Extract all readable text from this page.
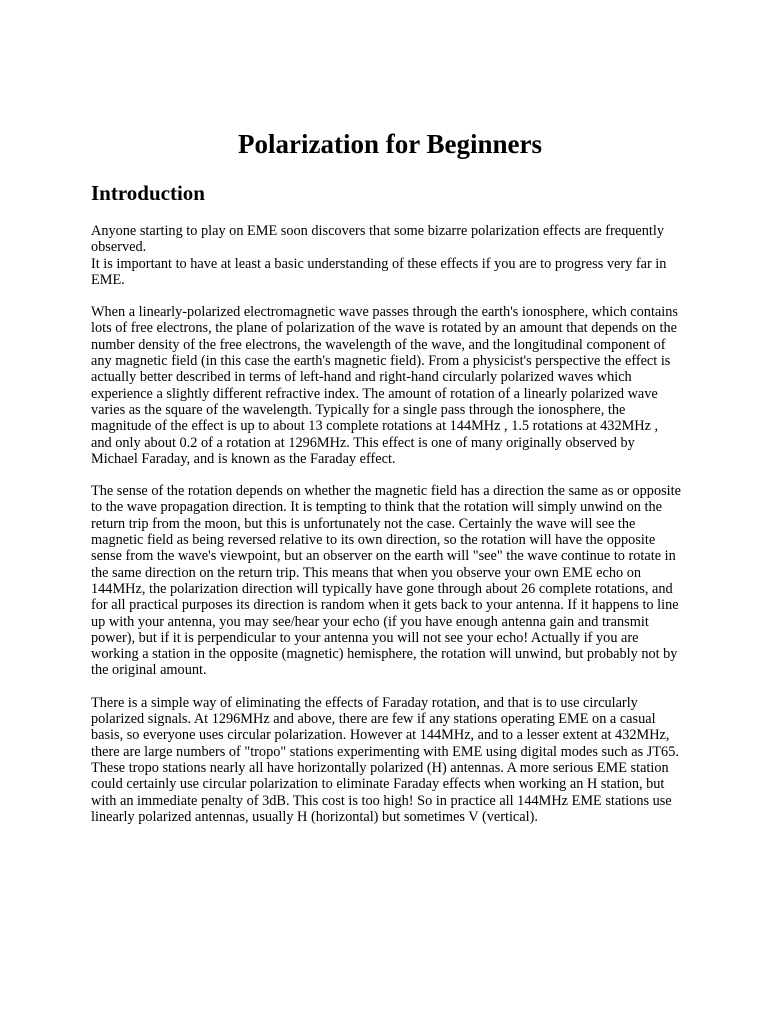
Polarization for Beginners
Introduction

Anyone starting to play on EME soon discovers that some bizarre polarization effects are frequently observed.
It is important to have at least a basic understanding of these effects if you are to progress very far in EME.

When a linearly-polarized electromagnetic wave passes through the earth's ionosphere, which contains lots of free electrons, the plane of polarization of the wave is rotated by an amount that depends on the number density of the free electrons, the wavelength of the wave, and the longitudinal component of any magnetic field (in this case the earth's magnetic field). From a physicist's perspective the effect is actually better described in terms of left-hand and right-hand circularly polarized waves which experience a slightly different refractive index. The amount of rotation of a linearly polarized wave varies as the square of the wavelength. Typically for a single pass through the ionosphere, the magnitude of the effect is up to about 13 complete rotations at 144MHz , 1.5 rotations at 432MHz , and only about 0.2 of a rotation at 1296MHz. This effect is one of many originally observed by Michael Faraday, and is known as the Faraday effect.

The sense of the rotation depends on whether the magnetic field has a direction the same as or opposite to the wave propagation direction. It is tempting to think that the rotation will simply unwind on the return trip from the moon, but this is unfortunately not the case. Certainly the wave will see the magnetic field as being reversed relative to its own direction, so the rotation will have the opposite sense from the wave's viewpoint, but an observer on the earth will "see" the wave continue to rotate in the same direction on the return trip. This means that when you observe your own EME echo on 144MHz, the polarization direction will typically have gone through about 26 complete rotations, and for all practical purposes its direction is random when it gets back to your antenna. If it happens to line up with your antenna, you may see/hear your echo (if you have enough antenna gain and transmit power), but if it is perpendicular to your antenna you will not see your echo! Actually if you are working a station in the opposite (magnetic) hemisphere, the rotation will unwind, but probably not by the original amount.

There is a simple way of eliminating the effects of Faraday rotation, and that is to use circularly polarized signals. At 1296MHz and above, there are few if any stations operating EME on a casual basis, so everyone uses circular polarization. However at 144MHz, and to a lesser extent at 432MHz, there are large numbers of "tropo" stations experimenting with EME using digital modes such as JT65. These tropo stations nearly all have horizontally polarized (H) antennas. A more serious EME station could certainly use circular polarization to eliminate Faraday effects when working an H station, but with an immediate penalty of 3dB. This cost is too high! So in practice all 144MHz EME stations use linearly polarized antennas, usually H (horizontal) but sometimes V (vertical).
